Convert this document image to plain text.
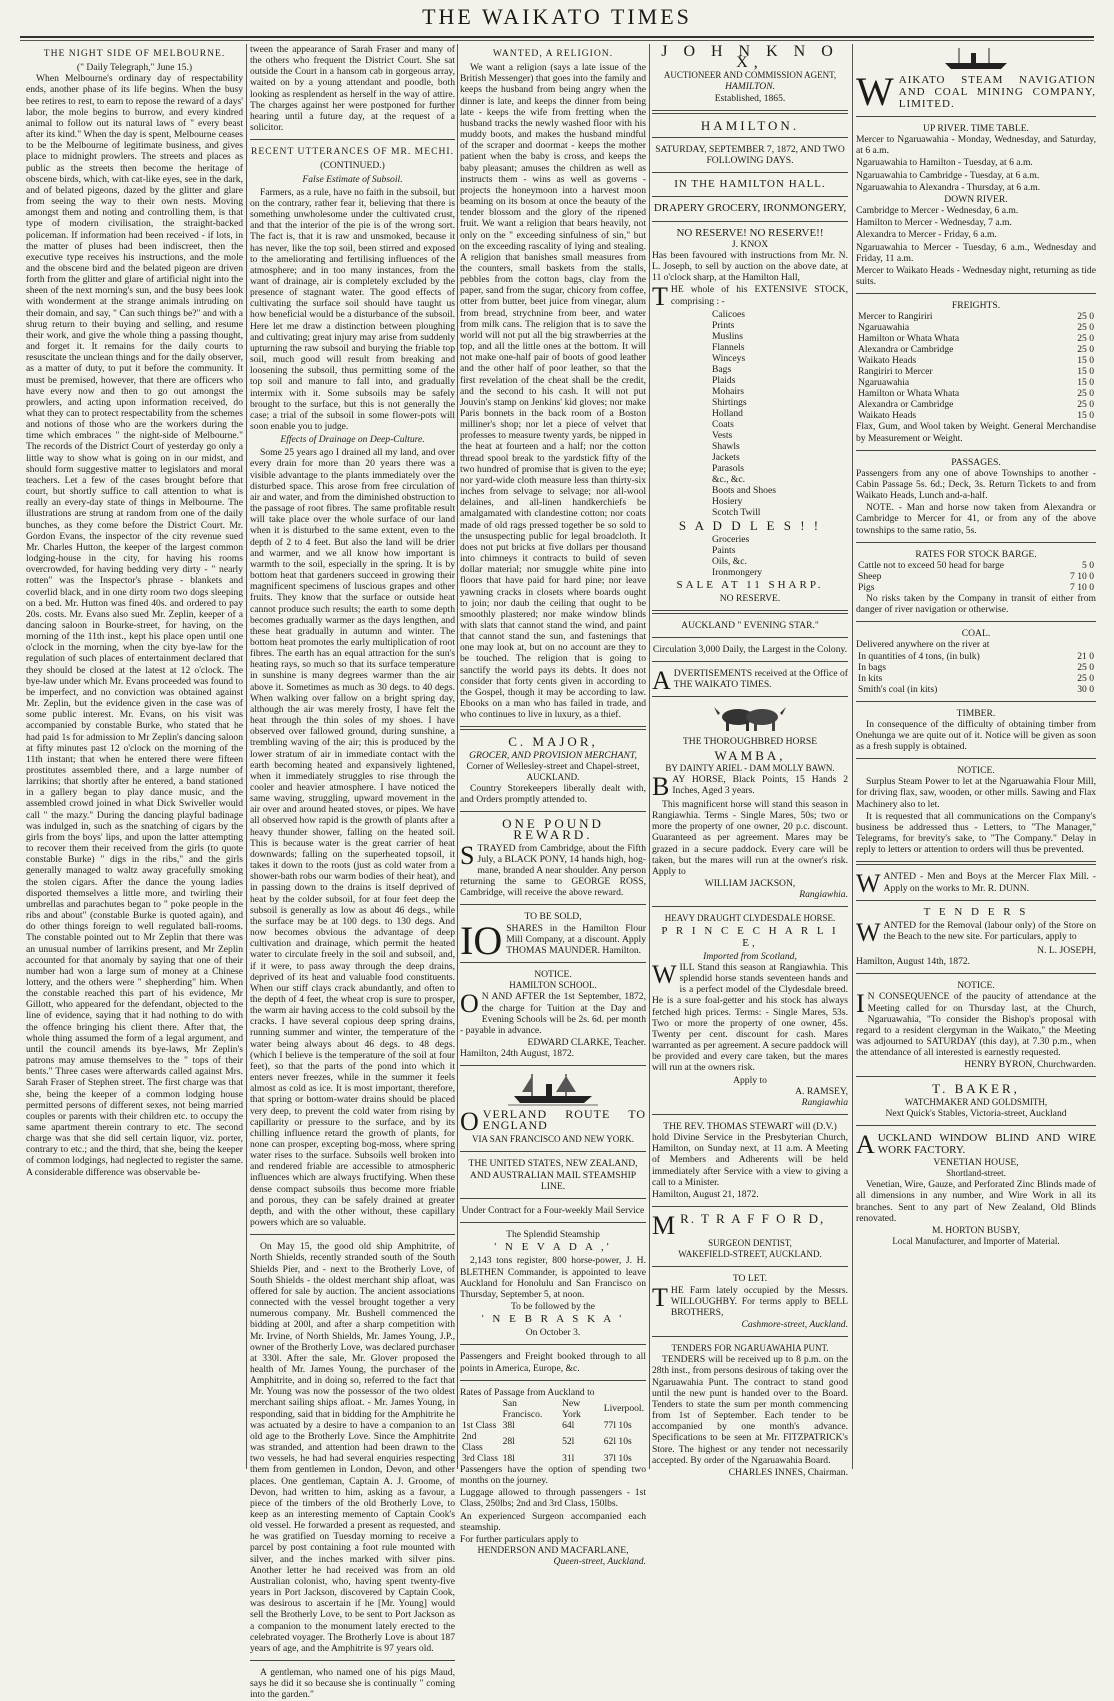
THE WAIKATO TIMES
THE NIGHT SIDE OF MELBOURNE.
(" Daily Telegraph," June 15.)

When Melbourne's ordinary day of respectability ends, another phase of its life begins. When the busy bee retires to rest, to earn to repose the reward of a days' labor, the mole begins to burrow, and every kindred animal to follow out its natural laws of " every beast after its kind." When the day is spent, Melbourne ceases to be the Melbourne of legitimate business, and gives place to midnight prowlers. The streets and places as public as the streets then become the heritage of obscene birds, which, with cat-like eyes, see in the dark, and of belated pigeons, dazed by the glitter and glare from seeing the way to their own nests. Moving amongst them and noting and controlling them, is that type of modern civilisation, the straight-backed policeman. If information had been received - if lots, in the matter of pluses had been indiscreet, then the executive type receives his instructions, and the mole and the obscene bird and the belated pigeon are driven forth from the glitter and glare of artificial night into the sheen of the next morning's sun, and the busy bees look with wonderment at the strange animals intruding on their domain, and say, " Can such things be?" and with a shrug return to their buying and selling, and resume their work, and give the whole thing a passing thought, and forget it. It remains for the daily courts to resuscitate the unclean things and for the daily observer, as a matter of duty, to put it before the community. It must be premised, however, that there are officers who have every now and then to go out amongst the prowlers, and acting upon information received, do what they can to protect respectability from the schemes and notions of those who are the workers during the time which embraces " the night-side of Melbourne." The records of the District Court of yesterday go only a little way to show what is going on in our midst, and should form suggestive matter to legislators and moral teachers. Let a few of the cases brought before that court, but shortly suffice to call attention to what is really an every-day state of things in Melbourne. The illustrations are strung at random from one of the daily bunches, as they come before the District Court. Mr. Gordon Evans, the inspector of the city revenue sued Mr. Charles Hutton, the keeper of the largest common lodging-house in the city, for having his rooms overcrowded, for having bedding very dirty - " nearly rotten" was the Inspector's phrase - blankets and coverlid black, and in one dirty room two dogs sleeping on a bed. Mr. Hutton was fined 40s. and ordered to pay 20s. costs. Mr. Evans also sued Mr. Zeplin, keeper of a dancing saloon in Bourke-street, for having, on the morning of the 11th inst., kept his place open until one o'clock in the morning, when the city bye-law for the regulation of such places of entertainment declared that they should be closed at the latest at 12 o'clock. The bye-law under which Mr. Evans proceeded was found to be imperfect, and no conviction was obtained against Mr. Zeplin, but the evidence given in the case was of some public interest. Mr. Evans, on his visit was accompanied by constable Burke, who stated that he had paid 1s for admission to Mr Zeplin's dancing saloon at fifty minutes past 12 o'clock on the morning of the 11th instant; that when he entered there were fifteen prostitutes assembled there, and a large number of larrikins; that shortly after he entered, a band stationed in a gallery began to play dance music, and the assembled crowd joined in what Dick Swiveller would call " the mazy." During the dancing playful badinage was indulged in, such as the snatching of cigars by the girls from the boys' lips, and upon the latter attempting to recover them their received from the girls (to quote constable Burke) " digs in the ribs," and the girls generally managed to waltz away gracefully smoking the stolen cigars. After the dance the young ladies disported themselves a little more, and twirling their umbrellas and parachutes began to " poke people in the ribs and about" (constable Burke is quoted again), and do other things foreign to well regulated ball-rooms. The constable pointed out to Mr Zeplin that there was an unusual number of larrikins present, and Mr Zeplin accounted for that anomaly by saying that one of their number had won a large sum of money at a Chinese lottery, and the others were " shepherding" him. When the constable reached this part of his evidence, Mr Gillott, who appeared for the defendant, objected to the line of evidence, saying that it had nothing to do with the offence bringing his client there. After that, the whole thing assumed the form of a legal argument, and until the council amends its bye-laws, Mr Zeplin's patrons may amuse themselves to the " tops of their bents." Three cases were afterwards called against Mrs. Sarah Fraser of Stephen street. The first charge was that she, being the keeper of a common lodging house permitted persons of different sexes, not being married couples or parents with their children etc. to occupy the same apartment therein contrary to etc. The second charge was that she did sell certain liquor, viz. porter, contrary to etc.; and the third, that she, being the keeper of common lodgings, had neglected to register the same. A considerable difference was observable be-

tween the appearance of Sarah Fraser and many of the others who frequent the District Court. She sat outside the Court in a hansom cab in gorgeous array, waited on by a young attendant and poodle, both looking as resplendent as herself in the way of attire. The charges against her were postponed for further hearing until a future day, at the request of a solicitor.

RECENT UTTERANCES OF MR. MECHI.
(CONTINUED.)
False Estimate of Subsoil.

Farmers, as a rule, have no faith in the subsoil, but on the contrary, rather fear it, believing that there is something unwholesome under the cultivated crust, and that the interior of the pie is of the wrong sort. The fact is, that it is raw and unsmoked, because it has never, like the top soil, been stirred and exposed to the ameliorating and fertilising influences of the atmosphere; and in too many instances, from the want of drainage, air is completely excluded by the presence of stagnant water. The good effects of cultivating the surface soil should have taught us how beneficial would be a disturbance of the subsoil. Here let me draw a distinction between ploughing and cultivating; great injury may arise from suddenly upturning the raw subsoil and burying the friable top soil, much good will result from breaking and loosening the subsoil, thus permitting some of the top soil and manure to fall into, and gradually intermix with it. Some subsoils may be safely brought to the surface, but this is not generally the case; a trial of the subsoil in some flower-pots will soon enable you to judge.

Effects of Drainage on Deep-Culture.

Some 25 years ago I drained all my land, and over every drain for more than 20 years there was a visible advantage to the plants immediately over the disturbed space. This arose from free circulation of air and water, and from the diminished obstruction to the passage of root fibres. The same profitable result will take place over the whole surface of our land when it is disturbed to the same extent, even to the depth of 2 to 4 feet. But also the land will be drier and warmer, and we all know how important is warmth to the soil, especially in the spring. It is by bottom heat that gardeners succeed in growing their magnificent specimens of luscious grapes and other fruits. They know that the surface or outside heat cannot produce such results; the earth to some depth becomes gradually warmer as the days lengthen, and these heat gradually in autumn and winter. The bottom heat promotes the early multiplication of root fibres. The earth has an equal attraction for the sun's heating rays, so much so that its surface temperature in sunshine is many degrees warmer than the air above it. Sometimes as much as 30 degs. to 40 degs. When walking over fallow on a bright spring day, although the air was merely frosty, I have felt the heat through the thin soles of my shoes. I have observed over fallowed ground, during sunshine, a trembling waving of the air; this is produced by the lower stratum of air in immediate contact with the earth becoming heated and expansively lightened, when it immediately struggles to rise through the cooler and heavier atmosphere. I have noticed the same waving, struggling, upward movement in the air over and around heated stoves, or pipes. We have all observed how rapid is the growth of plants after a heavy thunder shower, falling on the heated soil. This is because water is the great carrier of heat downwards; falling on the superheated topsoil, it takes it down to the roots (just as cold water from a shower-bath robs our warm bodies of their heat), and in passing down to the drains is itself deprived of heat by the colder subsoil, for at four feet deep the subsoil is generally as low as about 46 degs., while the surface may be at 100 degs. to 130 degs. And now becomes obvious the advantage of deep cultivation and drainage, which permit the heated water to circulate freely in the soil and subsoil, and, if it were, to pass away through the deep drains, deprived of its heat and valuable food constituents. When our stiff clays crack abundantly, and often to the depth of 4 feet, the wheat crop is sure to prosper, the warm air having access to the cold subsoil by the cracks. I have several copious deep spring drains, running summer and winter, the temperature of the water being always about 46 degs. to 48 degs. (which I believe is the temperature of the soil at four feet), so that the parts of the pond into which it enters never freezes, while in the summer it feels almost as cold as ice. It is most important, therefore, that spring or bottom-water drains should be placed very deep, to prevent the cold water from rising by capillarity or pressure to the surface, and by its chilling influence retard the growth of plants, for none can prosper, excepting bog-moss, where spring water rises to the surface. Subsoils well broken into and rendered friable are accessible to atmospheric influences which are always fructifying. When these dense compact subsoils thus become more friable and porous, they can be safely drained at greater depth, and with the other without, these capillary powers which are so valuable.

On May 15, the good old ship Amphitrite, of North Shields, recently stranded south of the South Shields Pier, and - next to the Brotherly Love, of South Shields - the oldest merchant ship afloat, was offered for sale by auction. The ancient associations connected with the vessel brought together a very numerous company. Mr. Bushell commenced the bidding at 200l, and after a sharp competition with Mr. Irvine, of North Shields, Mr. James Young, J.P., owner of the Brotherly Love, was declared purchaser at 330l. After the sale, Mr. Glover proposed the health of Mr. James Young, the purchaser of the Amphitrite, and in doing so, referred to the fact that Mr. Young was now the possessor of the two oldest merchant sailing ships afloat. - Mr. James Young, in responding, said that in bidding for the Amphitrite he was actuated by a desire to have a companion to an old age to the Brotherly Love. Since the Amphitrite was stranded, and attention had been drawn to the two vessels, he had had several enquiries respecting them from gentlemen in London, Devon, and other places. One gentleman, Captain A. J. Groome, of Devon, had written to him, asking as a favour, a piece of the timbers of the old Brotherly Love, to keep as an interesting memento of Captain Cook's old vessel. He forwarded a present as requested, and he was gratified on Tuesday morning to receive a parcel by post containing a foot rule mounted with silver, and the inches marked with silver pins. Another letter he had received was from an old Australian colonist, who, having spent twenty-five years in Port Jackson, discovered by Captain Cook, was desirous to ascertain if he [Mr. Young] would sell the Brotherly Love, to be sent to Port Jackson as a companion to the monument lately erected to the celebrated voyager. The Brotherly Love is about 187 years of age, and the Amphitrite is 97 years old.

A gentleman, who named one of his pigs Maud, says he did it so because she is continually " coming into the garden."

WANTED, A RELIGION.

We want a religion (says a late issue of the British Messenger) that goes into the family and keeps the husband from being angry when the dinner is late, and keeps the dinner from being late - keeps the wife from fretting when the husband tracks the newly washed floor with his muddy boots, and makes the husband mindful of the scraper and doormat - keeps the mother patient when the baby is cross, and keeps the baby pleasant; amuses the children as well as instructs them - wins as well as governs - projects the honeymoon into a harvest moon beaming on its bosom at once the beauty of the tender blossom and the glory of the ripened fruit. We want a religion that bears heavily, not only on the " exceeding sinfulness of sin," but on the exceeding rascality of lying and stealing. A religion that banishes small measures from the counters, small baskets from the stalls, pebbles from the cotton bags, clay from the paper, sand from the sugar, chicory from coffee, otter from butter, beet juice from vinegar, alum from bread, strychnine from beer, and water from milk cans. The religion that is to save the world will not put all the big strawberries at the top, and all the little ones at the bottom. It will not make one-half pair of boots of good leather and the other half of poor leather, so that the first revelation of the cheat shall be the credit, and the second to his cash. It will not put Jouvin's stamp on Jenkins' kid gloves; nor make Paris bonnets in the back room of a Boston milliner's shop; nor let a piece of velvet that professes to measure twenty yards, be nipped in the heat at fourteen and a half; nor the cotton thread spool break to the yardstick fifty of the two hundred of promise that is given to the eye; nor yard-wide cloth measure less than thirty-six inches from selvage to selvage; nor all-wool delaines, and all-linen handkerchiefs be amalgamated with clandestine cotton; nor coats made of old rags pressed together be so sold to the unsuspecting public for legal broadcloth. It does not put bricks at five dollars per thousand into chimneys it contracts to build of seven dollar material; nor smuggle white pine into floors that have paid for hard pine; nor leave yawning cracks in closets where boards ought to join; nor daub the ceiling that ought to be smoothly plastered; nor make window blinds with slats that cannot stand the wind, and paint that cannot stand the sun, and fastenings that one may look at, but on no account are they to be touched. The religion that is going to sanctify the world pays its debts. It does not consider that forty cents given in according to the Gospel, though it may be according to law. Ebooks on a man who has failed in trade, and who continues to live in luxury, as a thief.

C. MAJOR,
GROCER, AND PROVISION MERCHANT,
Corner of Wellesley-street and Chapel-street,
AUCKLAND.

Country Storekeepers liberally dealt with, and Orders promptly attended to.

ONE POUND REWARD.

STRAYED from Cambridge, about the Fifth July, a BLACK PONY, 14 hands high, hog-mane, branded A near shoulder. Any person returning the same to GEORGE ROSS, Cambridge, will receive the above reward.

TO BE SOLD,

IO SHARES in the Hamilton Flour Mill Company, at a discount. Apply THOMAS MAUNDER. Hamilton.

NOTICE.
HAMILTON SCHOOL.

O N AND AFTER the 1st September, 1872, the charge for Tuition at the Day and Evening Schools will be 2s. 6d. per month - payable in advance.

EDWARD CLARKE, Teacher.
Hamilton, 24th August, 1872.
OVERLAND ROUTE TO ENGLAND
VIA SAN FRANCISCO AND NEW YORK.
THE UNITED STATES, NEW ZEALAND, AND AUSTRALIAN MAIL STEAMSHIP LINE.
Under Contract for a Four-weekly Mail Service
The Splendid Steamship
' N E V A D A ,'

2,143 tons register, 800 horse-power, J. H. BLETHEN Commander, is appointed to leave Auckland for Honolulu and San Francisco on Thursday, September 5, at noon.

To be followed by the
' N E B R A S K A '
On October 3.

Passengers and Freight booked through to all points in America, Europe, &c.

Rates of Passage from Auckland to
	San Francisco.	New York	Liverpool.
1st Class	38l	64l	77l 10s
2nd Class	28l	52l	62l 10s
3rd Class	18l	31l	37l 10s

Passengers have the option of spending two months on the journey.

Luggage allowed to through passengers - 1st Class, 250lbs; 2nd and 3rd Class, 150lbs.

An experienced Surgeon accompanied each steamship.

For further particulars apply to
HENDERSON AND MACFARLANE,
Queen-street, Auckland.
J O H N K N O X,
AUCTIONEER AND COMMISSION AGENT,
HAMILTON.
Established, 1865.
HAMILTON.
SATURDAY, SEPTEMBER 7, 1872, AND TWO FOLLOWING DAYS.
IN THE HAMILTON HALL.
DRAPERY GROCERY, IRONMONGERY,
NO RESERVE! NO RESERVE!!
J. KNOX

Has been favoured with instructions from Mr. N. L. Joseph, to sell by auction on the above date, at 11 o'clock sharp, at the Hamilton Hall,

THE whole of his EXTENSIVE STOCK, comprising : -

Calicoes
Prints
Muslins
Flannels
Winceys
Bags
Plaids
Mohairs
Shirtings
Holland
Coats
Vests
Shawls
Jackets
Parasols
&c., &c.
Boots and Shoes
Hosiery
Scotch Twill
S A D D L E S ! !
Groceries
Paints
Oils, &c.
Ironmongery
SALE AT 11 SHARP.
NO RESERVE.
AUCKLAND " EVENING STAR."
Circulation 3,000 Daily, the Largest in the Colony.

ADVERTISEMENTS received at the Office of THE WAIKATO TIMES.

THE THOROUGHBRED HORSE
WAMBA,
BY DAINTY ARIEL - DAM MOLLY BAWN.

BAY HORSE, Black Points, 15 Hands 2 Inches, Aged 3 years.

This magnificent horse will stand this season in Rangiawhia. Terms - Single Mares, 50s; two or more the property of one owner, 20 p.c. discount. Guaranteed as per agreement. Mares may be grazed in a secure paddock. Every care will be taken, but the mares will run at the owner's risk. Apply to

WILLIAM JACKSON,
Rangiawhia.
HEAVY DRAUGHT CLYDESDALE HORSE.
P R I N C E C H A R L I E,
Imported from Scotland,

WILL Stand this season at Rangiawhia. This splendid horse stands seventeen hands and is a perfect model of the Clydesdale breed. He is a sure foal-getter and his stock has always fetched high prices. Terms: - Single Mares, 53s. Two or more the property of one owner, 45s. Twenty per cent. discount for cash. Mares warranted as per agreement. A secure paddock will be provided and every care taken, but the mares will run at the owners risk.

Apply to
A. RAMSEY,
Rangiawhia
THE REV. THOMAS STEWART will (D.V.)

hold Divine Service in the Presbyterian Church, Hamilton, on Sunday next, at 11 a.m. A Meeting of Members and Adherents will be held immediately after Service with a view to giving a call to a Minister.

Hamilton, August 21, 1872.
M R. T R A F F O R D,
SURGEON DENTIST,
WAKEFIELD-STREET, AUCKLAND.
TO LET.

THE Farm lately occupied by the Messrs. WILLOUGHBY. For terms apply to BELL BROTHERS,

Cashmore-street, Auckland.
TENDERS FOR NGARUAWAHIA PUNT.

TENDERS will be received up to 8 p.m. on the 28th inst., from persons desirous of taking over the Ngaruawahia Punt. The contract to stand good until the new punt is handed over to the Board. Tenders to state the sum per month commencing from 1st of September. Each tender to be accompanied by one month's advance. Specifications to be seen at Mr. FITZPATRICK's Store. The highest or any tender not necessarily accepted. By order of the Ngaruawahia Board.

CHARLES INNES, Chairman.

WAIKATO STEAM NAVIGATION AND COAL MINING COMPANY, LIMITED.

UP RIVER. TIME TABLE.

Mercer to Ngaruawahia - Monday, Wednesday, and Saturday, at 6 a.m.

Ngaruawahia to Hamilton - Tuesday, at 6 a.m.

Ngaruawahia to Cambridge - Tuesday, at 6 a.m.

Ngaruawahia to Alexandra - Thursday, at 6 a.m.

DOWN RIVER.

Cambridge to Mercer - Wednesday, 6 a.m.

Hamilton to Mercer - Wednesday, 7 a.m.

Alexandra to Mercer - Friday, 6 a.m.

Ngaruawahia to Mercer - Tuesday, 6 a.m., Wednesday and Friday, 11 a.m.

Mercer to Waikato Heads - Wednesday night, returning as tide suits.

FREIGHTS.
Mercer to Rangiriri	25 0
Ngaruawahia	25 0
Hamilton or Whata Whata	25 0
Alexandra or Cambridge	25 0
Waikato Heads	15 0
Rangiriri to Mercer	15 0
Ngaruawahia	15 0
Hamilton or Whata Whata	25 0
Alexandra or Cambridge	25 0
Waikato Heads	15 0

Flax, Gum, and Wool taken by Weight. General Merchandise by Measurement or Weight.

PASSAGES.

Passengers from any one of above Townships to another - Cabin Passage 5s. 6d.; Deck, 3s. Return Tickets to and from Waikato Heads, Lunch and-a-half.

NOTE. - Man and horse now taken from Alexandra or Cambridge to Mercer for 41, or from any of the above townships to the same ratio, 5s.

RATES FOR STOCK BARGE.
Cattle not to exceed 50 head for barge	5 0
Sheep	7 10 0
Pigs	7 10 0

No risks taken by the Company in transit of either from danger of river navigation or otherwise.

COAL.
Delivered anywhere on the river at
In quantities of 4 tons, (in bulk)	21 0
In bags	25 0
In kits	25 0
Smith's coal (in kits)	30 0
TIMBER.

In consequence of the difficulty of obtaining timber from Onehunga we are quite out of it. Notice will be given as soon as a fresh supply is obtained.

NOTICE.

Surplus Steam Power to let at the Ngaruawahia Flour Mill, for driving flax, saw, wooden, or other mills. Sawing and Flax Machinery also to let.

It is requested that all communications on the Company's business be addressed thus - Letters, to "The Manager," Telegrams, for brevity's sake, to "The Company." Delay in reply to letters or attention to orders will thus be prevented.

WANTED - Men and Boys at the Mercer Flax Mill. - Apply on the works to Mr. R. DUNN.

T E N D E R S

WANTED for the Removal (labour only) of the Store on the Beach to the new site. For particulars, apply to

N. L. JOSEPH,
Hamilton, August 14th, 1872.
NOTICE.

I N CONSEQUENCE of the paucity of attendance at the Meeting called for on Thursday last, at the Church, Ngaruawahia, "To consider the Bishop's proposal with regard to a resident clergyman in the Waikato," the Meeting was adjourned to SATURDAY (this day), at 7.30 p.m., when the attendance of all interested is earnestly requested.

HENRY BYRON, Churchwarden.
T. BAKER,
WATCHMAKER AND GOLDSMITH,
Next Quick's Stables, Victoria-street, Auckland

AUCKLAND WINDOW BLIND AND WIRE WORK FACTORY.

VENETIAN HOUSE,
Shortland-street.

Venetian, Wire, Gauze, and Perforated Zinc Blinds made of all dimensions in any number, and Wire Work in all its branches. Sent to any part of New Zealand, Old Blinds renovated.

M. HORTON BUSBY,
Local Manufacturer, and Importer of Material.
